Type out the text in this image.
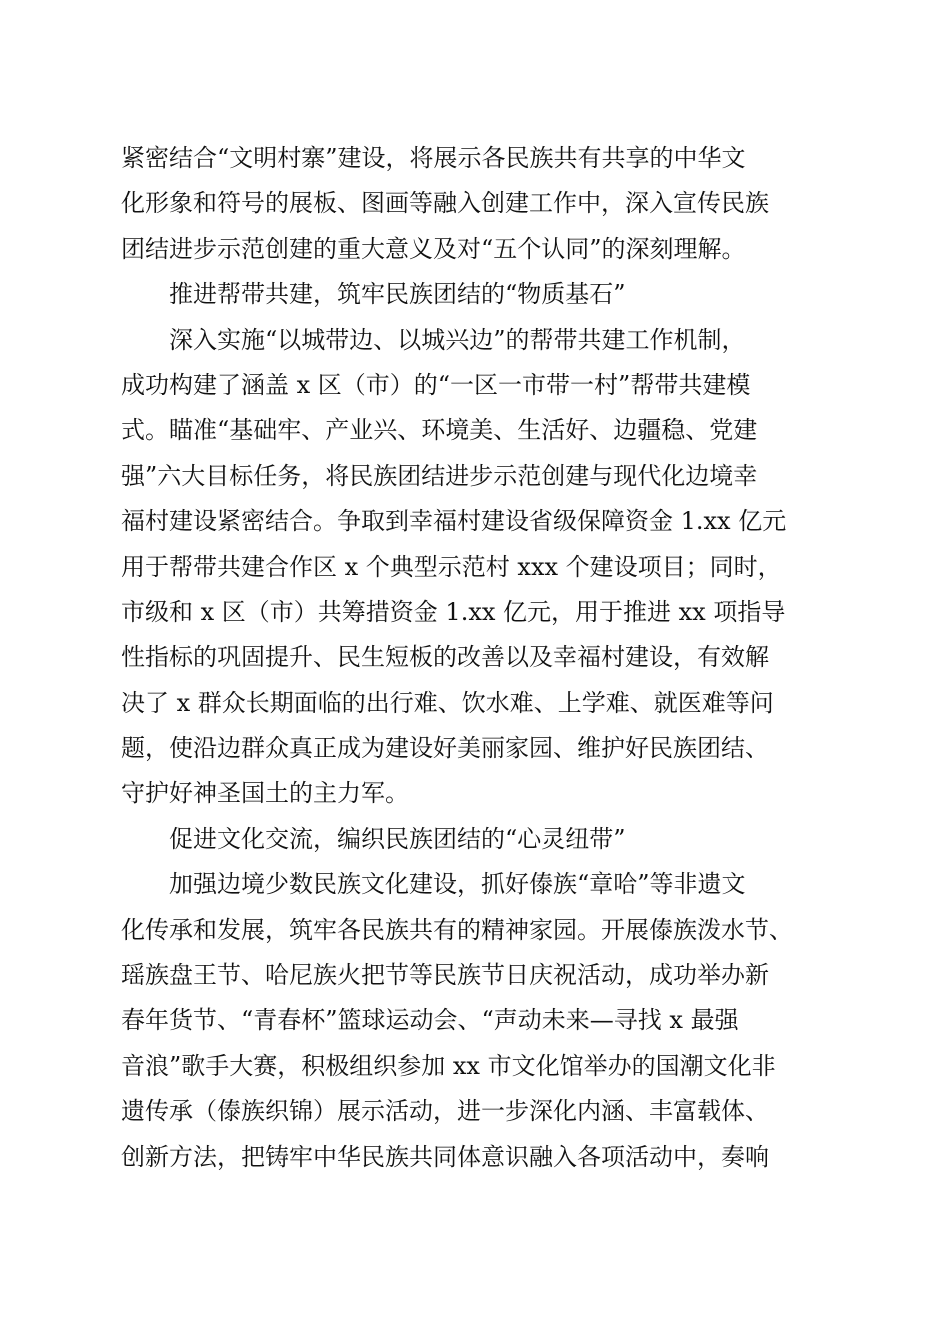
紧密结合“文明村寨”建设，将展示各民族共有共享的中华文
化形象和符号的展板、图画等融入创建工作中，深入宣传民族
团结进步示范创建的重大意义及对“五个认同”的深刻理解。
推进帮带共建，筑牢民族团结的“物质基石”
深入实施“以城带边、以城兴边”的帮带共建工作机制，
成功构建了涵盖 x 区（市）的“一区一市带一村”帮带共建模
式。瞄准“基础牢、产业兴、环境美、生活好、边疆稳、党建
强”六大目标任务，将民族团结进步示范创建与现代化边境幸
福村建设紧密结合。争取到幸福村建设省级保障资金 1.xx 亿元
用于帮带共建合作区 x 个典型示范村 xxx 个建设项目；同时，
市级和 x 区（市）共筹措资金 1.xx 亿元，用于推进 xx 项指导
性指标的巩固提升、民生短板的改善以及幸福村建设，有效解
决了 x 群众长期面临的出行难、饮水难、上学难、就医难等问
题，使沿边群众真正成为建设好美丽家园、维护好民族团结、
守护好神圣国土的主力军。
促进文化交流，编织民族团结的“心灵纽带”
加强边境少数民族文化建设，抓好傣族“章哈”等非遗文
化传承和发展，筑牢各民族共有的精神家园。开展傣族泼水节、
瑶族盘王节、哈尼族火把节等民族节日庆祝活动，成功举办新
春年货节、“青春杯”篮球运动会、“声动未来—寻找 x 最强
音浪”歌手大赛，积极组织参加 xx 市文化馆举办的国潮文化非
遗传承（傣族织锦）展示活动，进一步深化内涵、丰富载体、
创新方法，把铸牢中华民族共同体意识融入各项活动中，奏响
